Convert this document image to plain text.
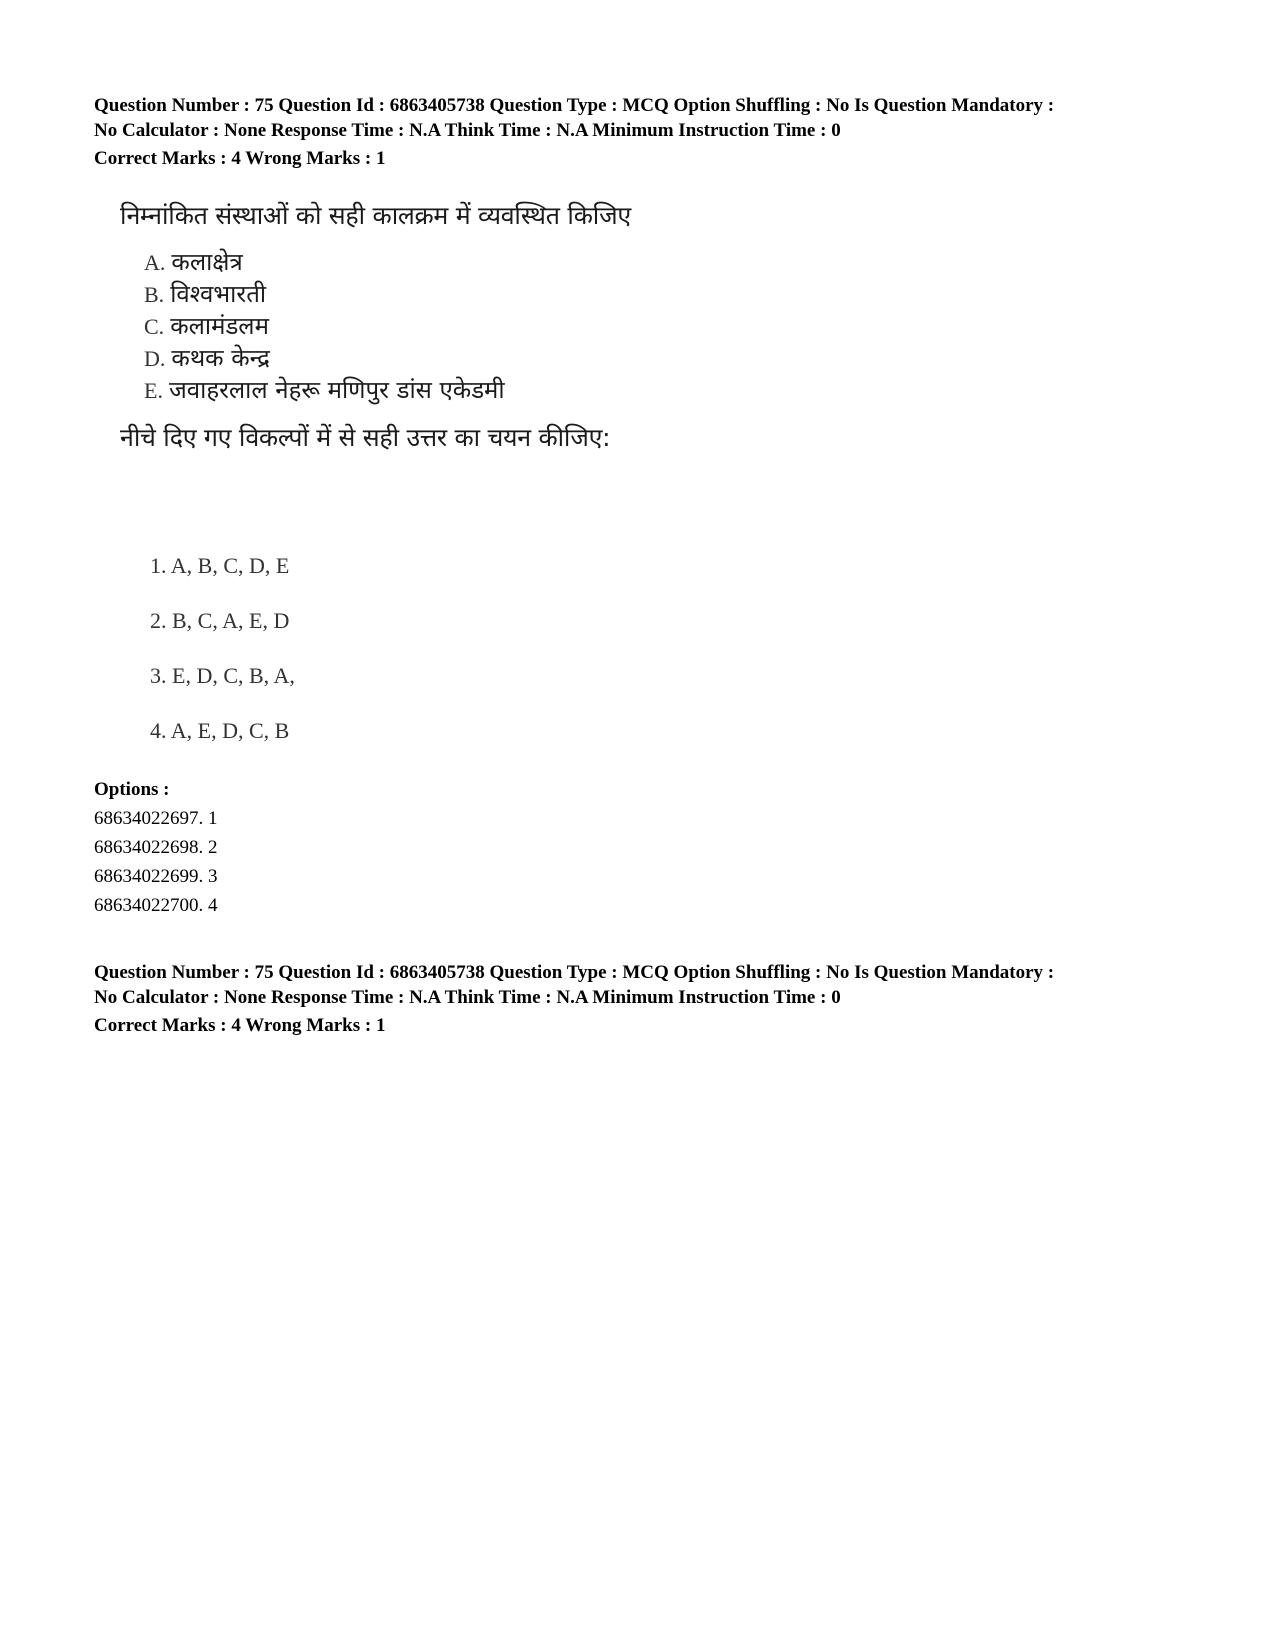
Question Number : 75 Question Id : 6863405738 Question Type : MCQ Option Shuffling : No Is Question Mandatory :
No Calculator : None Response Time : N.A Think Time : N.A Minimum Instruction Time : 0
Correct Marks : 4 Wrong Marks : 1

निम्नांकित संस्थाओं को सही कालक्रम में व्यवस्थित किजिए

A. कलाक्षेत्र
B. विश्वभारती
C. कलामंडलम
D. कथक केन्द्र
E. जवाहरलाल नेहरू मणिपुर डांस एकेडमी

नीचे दिए गए विकल्पों में से सही उत्तर का चयन कीजिए:

1. A, B, C, D, E
2. B, C, A, E, D
3. E, D, C, B, A,
4. A, E, D, C, B
Options :
68634022697. 1
68634022698. 2
68634022699. 3
68634022700. 4
Question Number : 75 Question Id : 6863405738 Question Type : MCQ Option Shuffling : No Is Question Mandatory :
No Calculator : None Response Time : N.A Think Time : N.A Minimum Instruction Time : 0
Correct Marks : 4 Wrong Marks : 1
